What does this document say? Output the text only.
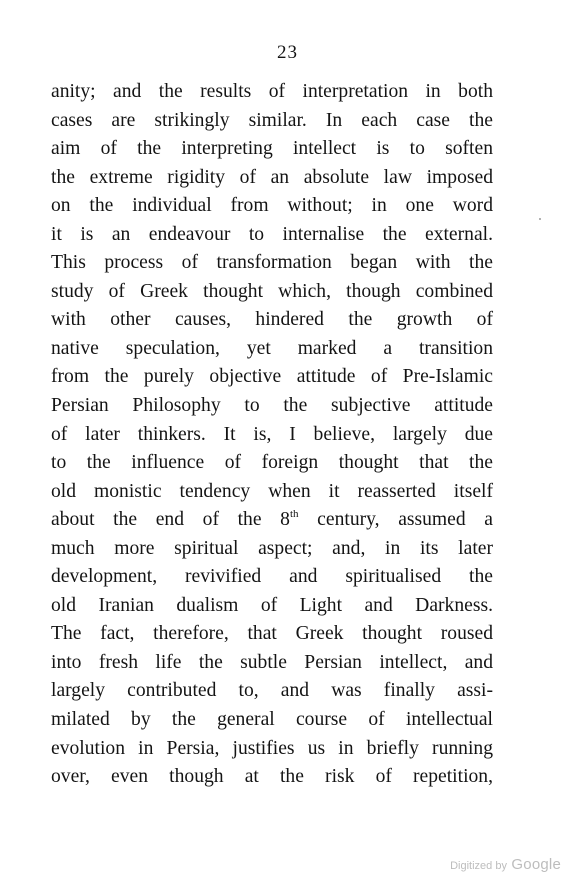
23
anity; and the results of interpretation in both
cases are strikingly similar. In each case the
aim of the interpreting intellect is to soften
the extreme rigidity of an absolute law imposed
on the individual from without; in one word
it is an endeavour to internalise the external.
This process of transformation began with the
study of Greek thought which, though combined
with other causes, hindered the growth of
native speculation, yet marked a transition
from the purely objective attitude of Pre-Islamic
Persian Philosophy to the subjective attitude
of later thinkers. It is, I believe, largely due
to the influence of foreign thought that the
old monistic tendency when it reasserted itself
about the end of the 8th century, assumed a
much more spiritual aspect; and, in its later
development, revivified and spiritualised the
old Iranian dualism of Light and Darkness.
The fact, therefore, that Greek thought roused
into fresh life the subtle Persian intellect, and
largely contributed to, and was finally assi-
milated by the general course of intellectual
evolution in Persia, justifies us in briefly running
over, even though at the risk of repetition,
Digitized by Google
